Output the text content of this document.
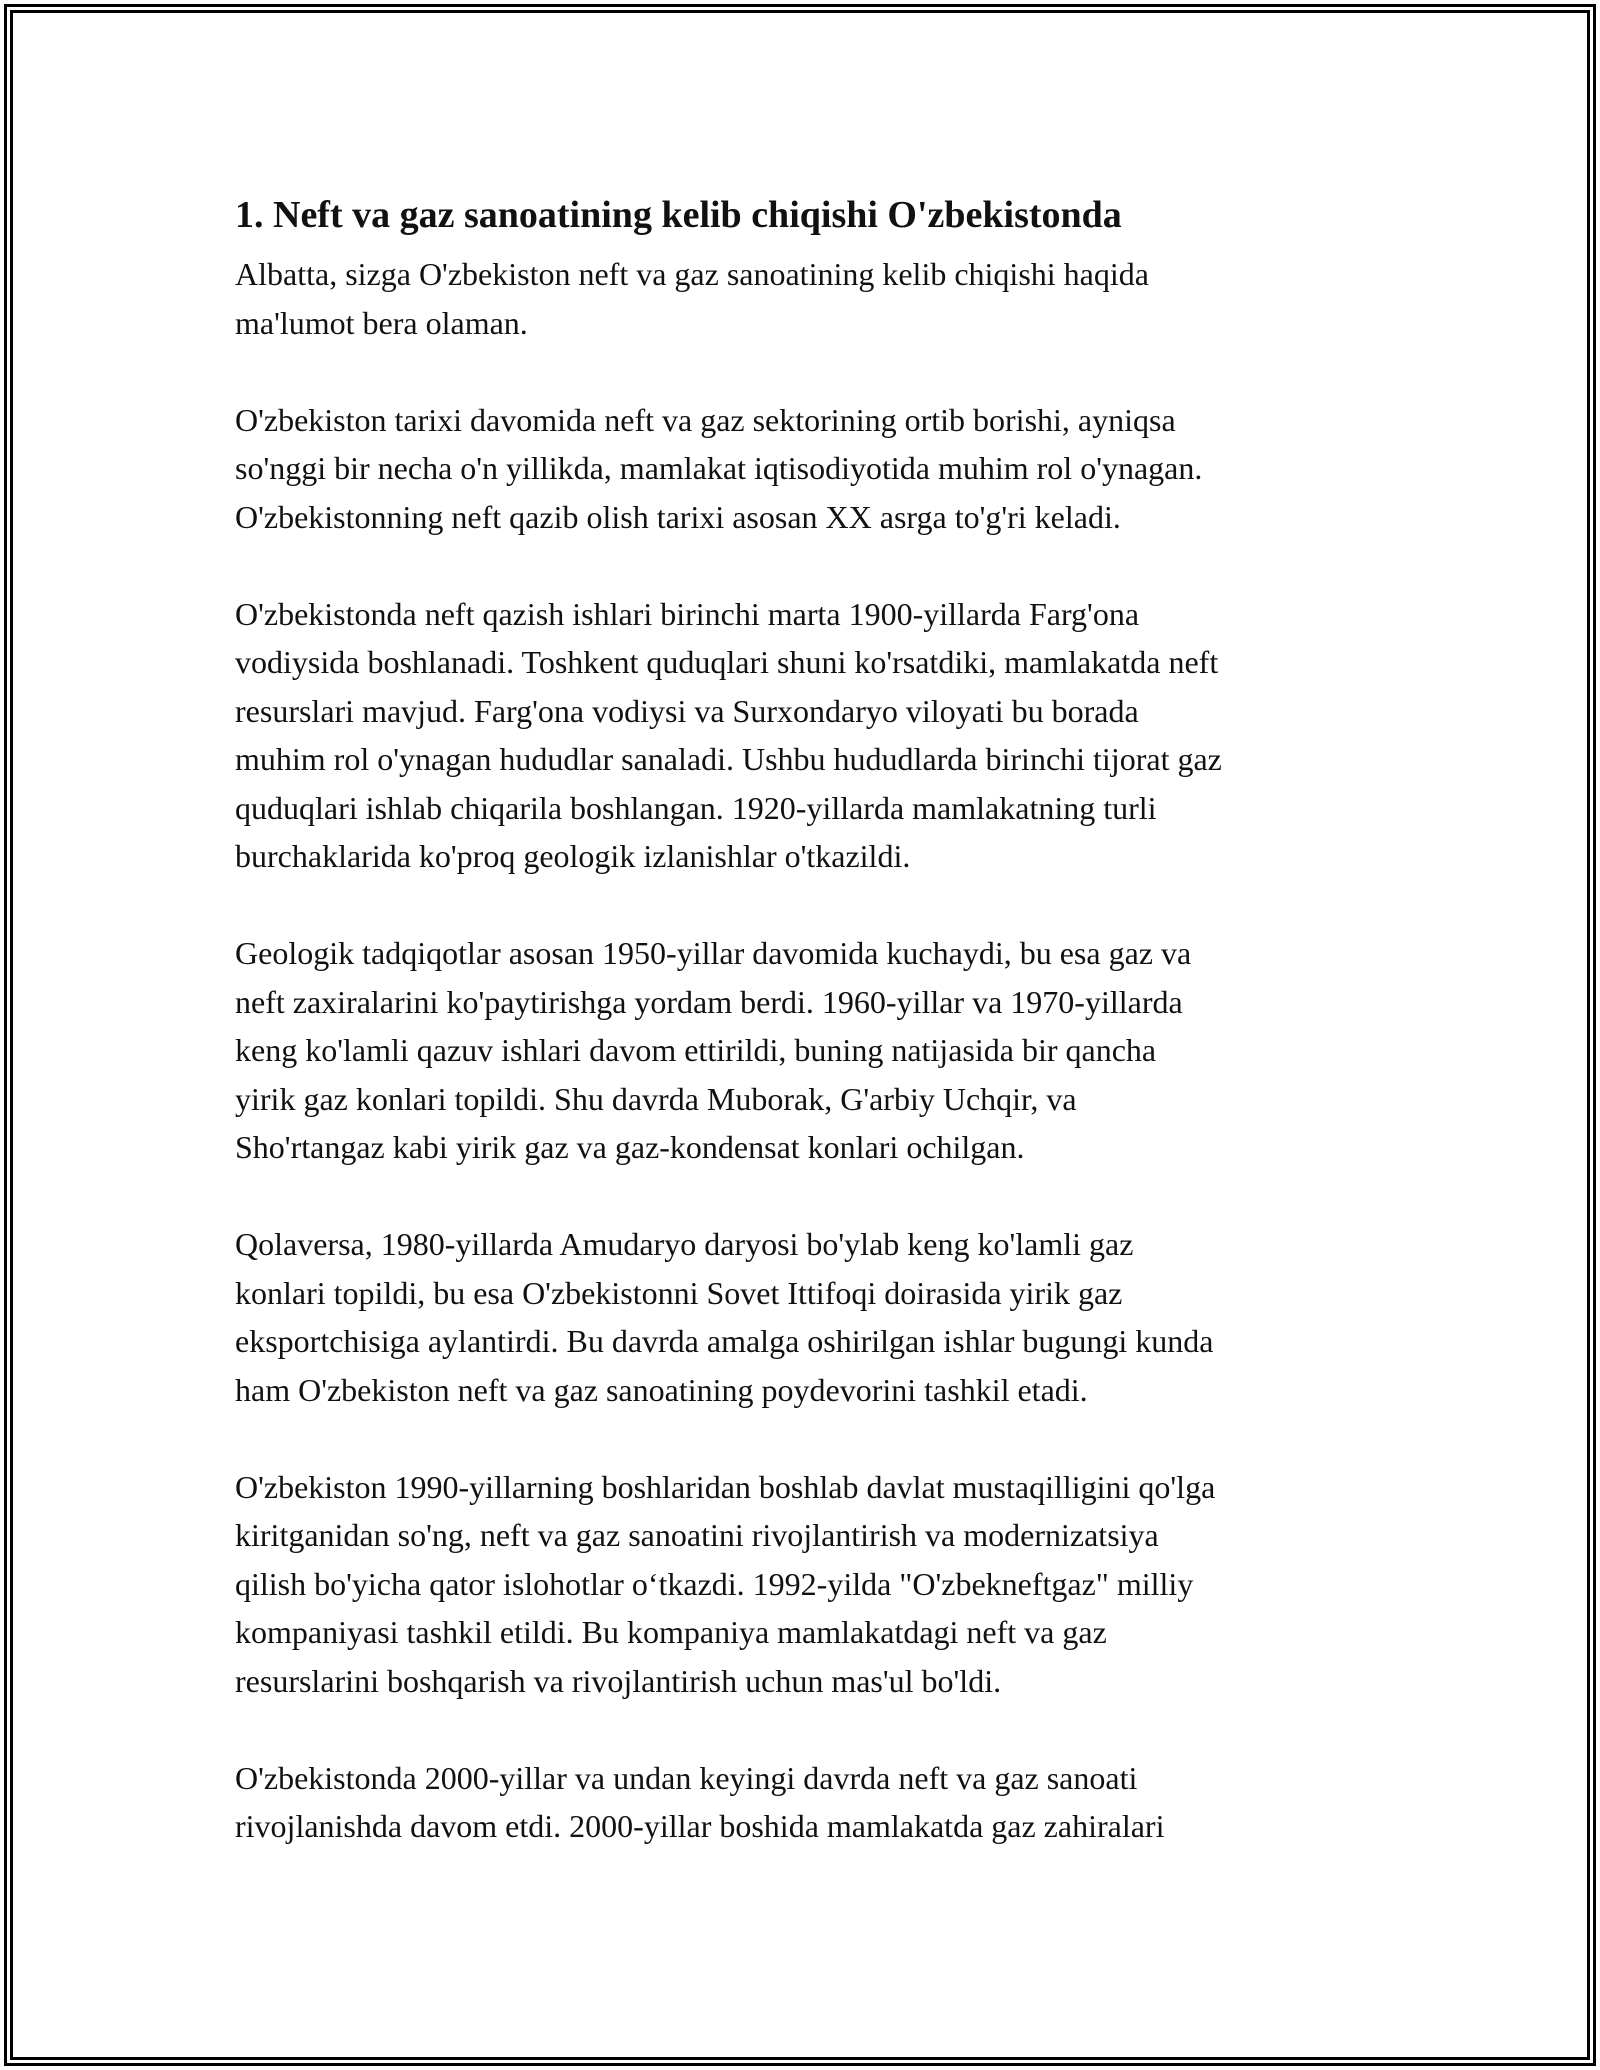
1. Neft va gaz sanoatining kelib chiqishi O'zbekistonda

Albatta, sizga O'zbekiston neft va gaz sanoatining kelib chiqishi haqida
ma'lumot bera olaman.

O'zbekiston tarixi davomida neft va gaz sektorining ortib borishi, ayniqsa
so'nggi bir necha o'n yillikda, mamlakat iqtisodiyotida muhim rol o'ynagan.
O'zbekistonning neft qazib olish tarixi asosan XX asrga to'g'ri keladi.

O'zbekistonda neft qazish ishlari birinchi marta 1900-yillarda Farg'ona
vodiysida boshlanadi. Toshkent quduqlari shuni ko'rsatdiki, mamlakatda neft
resurslari mavjud. Farg'ona vodiysi va Surxondaryo viloyati bu borada
muhim rol o'ynagan hududlar sanaladi. Ushbu hududlarda birinchi tijorat gaz
quduqlari ishlab chiqarila boshlangan. 1920-yillarda mamlakatning turli
burchaklarida ko'proq geologik izlanishlar o'tkazildi.

Geologik tadqiqotlar asosan 1950-yillar davomida kuchaydi, bu esa gaz va
neft zaxiralarini ko'paytirishga yordam berdi. 1960-yillar va 1970-yillarda
keng ko'lamli qazuv ishlari davom ettirildi, buning natijasida bir qancha
yirik gaz konlari topildi. Shu davrda Muborak, G'arbiy Uchqir, va
Sho'rtangaz kabi yirik gaz va gaz-kondensat konlari ochilgan.

Qolaversa, 1980-yillarda Amudaryo daryosi bo'ylab keng ko'lamli gaz
konlari topildi, bu esa O'zbekistonni Sovet Ittifoqi doirasida yirik gaz
eksportchisiga aylantirdi. Bu davrda amalga oshirilgan ishlar bugungi kunda
ham O'zbekiston neft va gaz sanoatining poydevorini tashkil etadi.

O'zbekiston 1990-yillarning boshlaridan boshlab davlat mustaqilligini qo'lga
kiritganidan so'ng, neft va gaz sanoatini rivojlantirish va modernizatsiya
qilish bo'yicha qator islohotlar o‘tkazdi. 1992-yilda "O'zbekneftgaz" milliy
kompaniyasi tashkil etildi. Bu kompaniya mamlakatdagi neft va gaz
resurslarini boshqarish va rivojlantirish uchun mas'ul bo'ldi.

O'zbekistonda 2000-yillar va undan keyingi davrda neft va gaz sanoati
rivojlanishda davom etdi. 2000-yillar boshida mamlakatda gaz zahiralari
